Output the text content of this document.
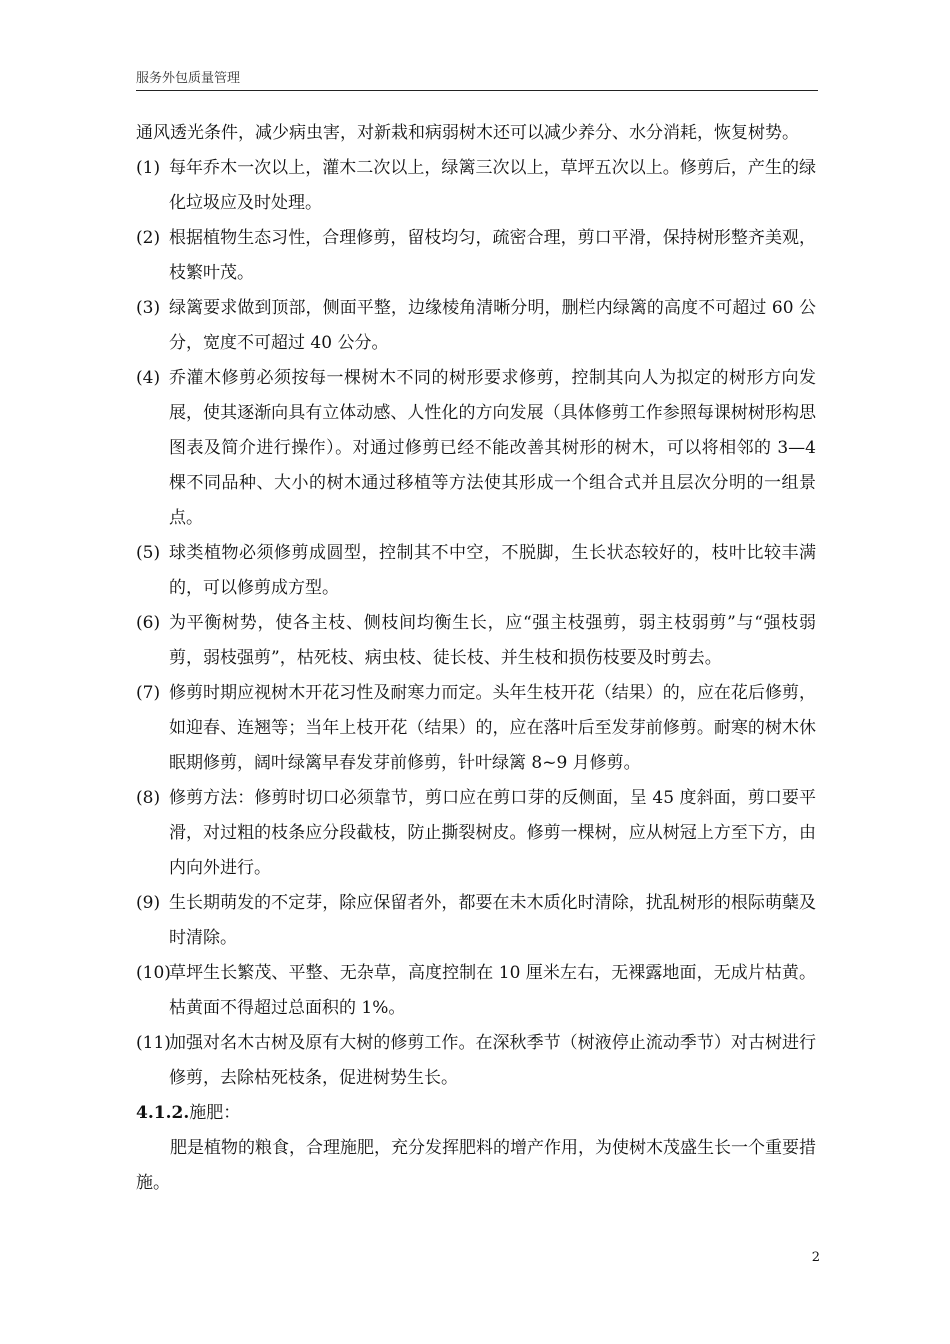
服务外包质量管理

通风透光条件，减少病虫害，对新栽和病弱树木还可以减少养分、水分消耗，恢复树势。

(1) 每年乔木一次以上，灌木二次以上，绿篱三次以上，草坪五次以上。修剪后，产生的绿化垃圾应及时处理。
(2) 根据植物生态习性，合理修剪，留枝均匀，疏密合理，剪口平滑，保持树形整齐美观，枝繁叶茂。
(3) 绿篱要求做到顶部，侧面平整，边缘棱角清晰分明，删栏内绿篱的高度不可超过 60 公分，宽度不可超过 40 公分。
(4) 乔灌木修剪必须按每一棵树木不同的树形要求修剪，控制其向人为拟定的树形方向发展，使其逐渐向具有立体动感、人性化的方向发展（具体修剪工作参照每课树树形构思图表及简介进行操作）。对通过修剪已经不能改善其树形的树木，可以将相邻的 3—4 棵不同品种、大小的树木通过移植等方法使其形成一个组合式并且层次分明的一组景点。
(5) 球类植物必须修剪成圆型，控制其不中空，不脱脚，生长状态较好的，枝叶比较丰满的，可以修剪成方型。
(6) 为平衡树势，使各主枝、侧枝间均衡生长，应“强主枝强剪，弱主枝弱剪”与“强枝弱剪，弱枝强剪”，枯死枝、病虫枝、徒长枝、并生枝和损伤枝要及时剪去。
(7) 修剪时期应视树木开花习性及耐寒力而定。头年生枝开花（结果）的，应在花后修剪，如迎春、连翘等；当年上枝开花（结果）的，应在落叶后至发芽前修剪。耐寒的树木休眠期修剪，阔叶绿篱早春发芽前修剪，针叶绿篱 8~9 月修剪。
(8) 修剪方法：修剪时切口必须靠节，剪口应在剪口芽的反侧面，呈 45 度斜面，剪口要平滑，对过粗的枝条应分段截枝，防止撕裂树皮。修剪一棵树，应从树冠上方至下方，由内向外进行。
(9) 生长期萌发的不定芽，除应保留者外，都要在未木质化时清除，扰乱树形的根际萌蘖及时清除。
(10)
草坪生长繁茂、平整、无杂草，高度控制在 10 厘米左右，无裸露地面，无成片枯黄。枯黄面不得超过总面积的 1%。
(11)
加强对名木古树及原有大树的修剪工作。在深秋季节（树液停止流动季节）对古树进行修剪，去除枯死枝条，促进树势生长。

4.1.2.施肥：

肥是植物的粮食，合理施肥，充分发挥肥料的增产作用，为使树木茂盛生长一个重要措施。

2
